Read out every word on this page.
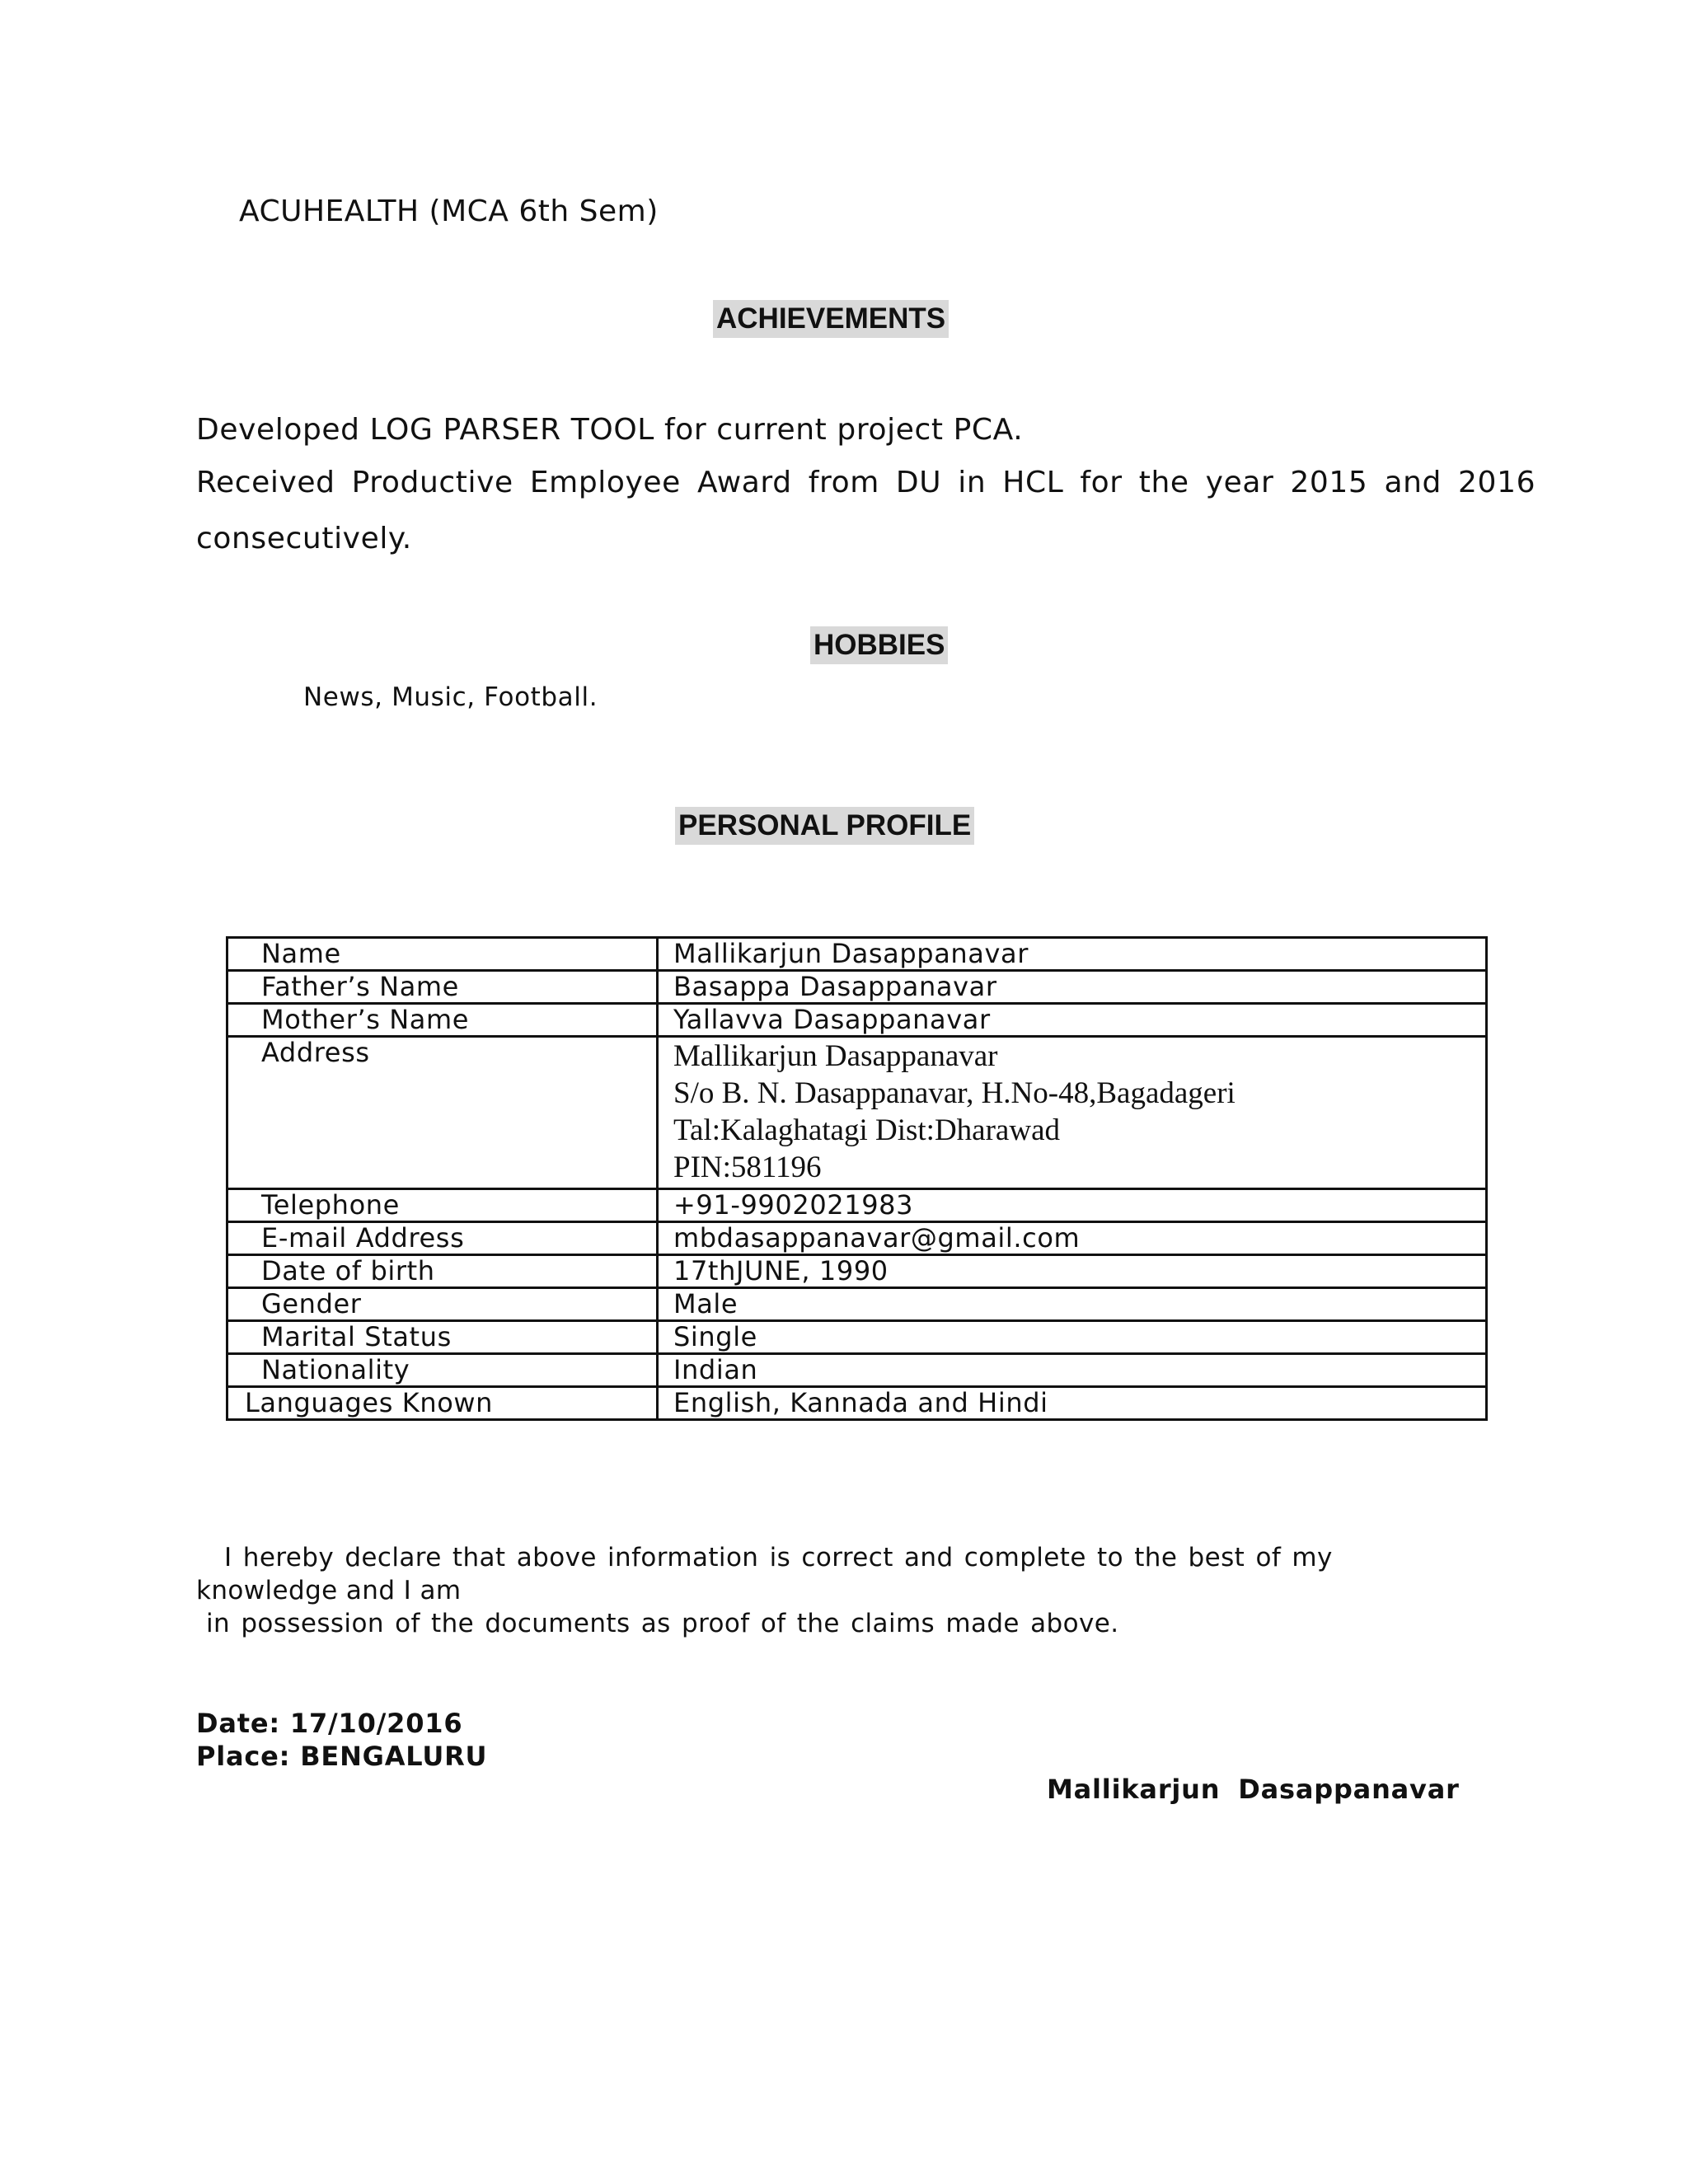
ACUHEALTH (MCA 6th Sem)
ACHIEVEMENTS
Developed LOG PARSER TOOL for current project PCA.
Received Productive Employee Award from DU in HCL for the year 2015 and 2016
consecutively.
HOBBIES
News, Music, Football.
PERSONAL PROFILE
Name	Mallikarjun Dasappanavar
Father’s Name	Basappa Dasappanavar
Mother’s Name	Yallavva Dasappanavar
Address	Mallikarjun Dasappanavar
S/o B. N. Dasappanavar, H.No-48,Bagadageri
Tal:Kalaghatagi Dist:Dharawad
PIN:581196

Telephone	+91-9902021983
E-mail Address	mbdasappanavar@gmail.com
Date of birth	17thJUNE, 1990
Gender	Male
Marital Status	Single
Nationality	Indian
Languages Known	English, Kannada and Hindi
I hereby declare that above information is correct and complete to the best of my
knowledge and I am
in possession of the documents as proof of the claims made above.
Date: 17/10/2016
Place: BENGALURU
Mallikarjun Dasappanavar
